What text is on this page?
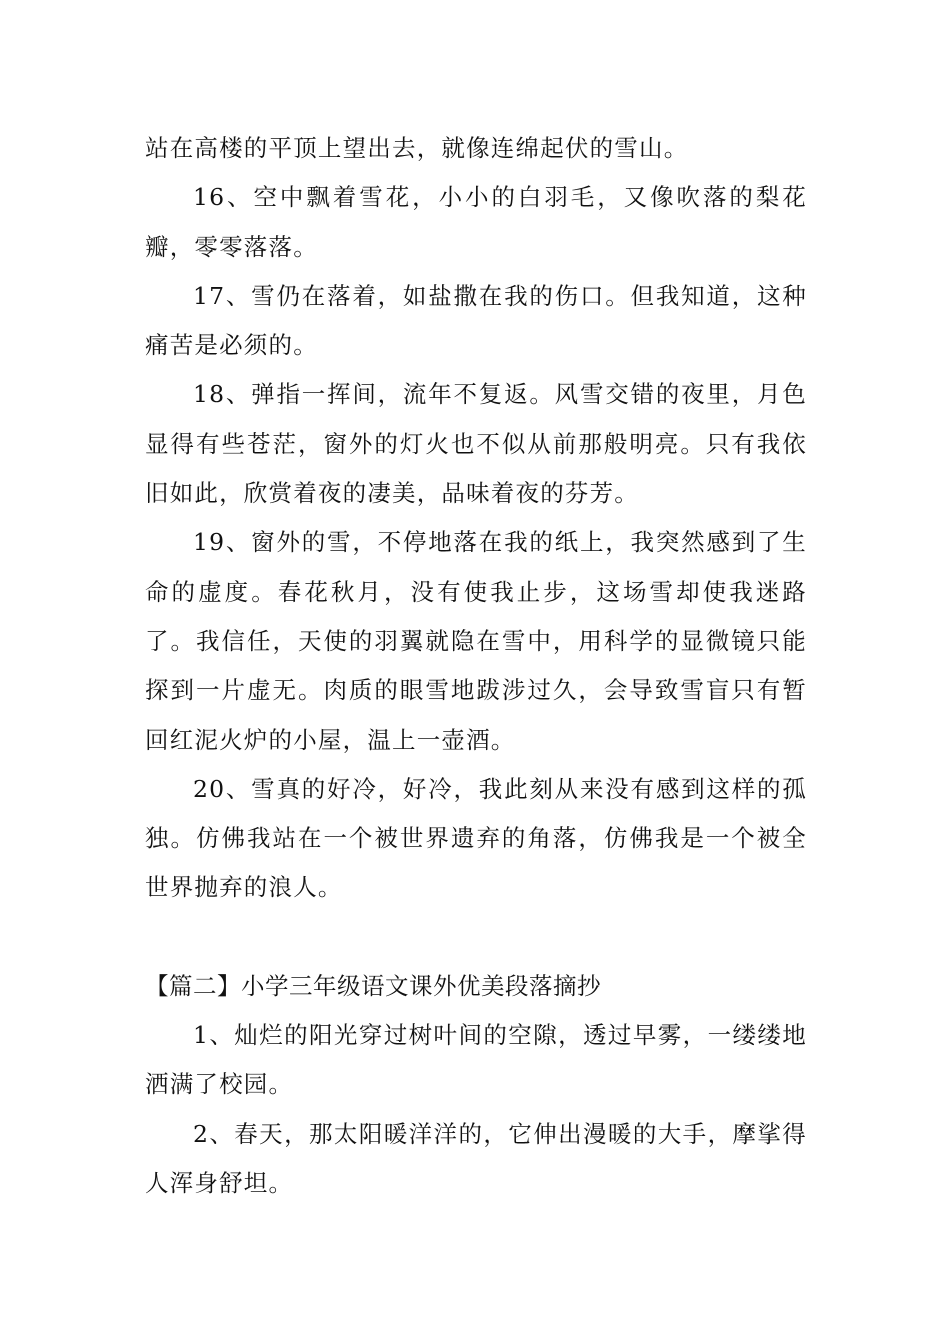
站在高楼的平顶上望出去，就像连绵起伏的雪山。

16、空中飘着雪花，小小的白羽毛，又像吹落的梨花瓣，零零落落。

17、雪仍在落着，如盐撒在我的伤口。但我知道，这种痛苦是必须的。

18、弹指一挥间，流年不复返。风雪交错的夜里，月色显得有些苍茫，窗外的灯火也不似从前那般明亮。只有我依旧如此，欣赏着夜的凄美，品味着夜的芬芳。

19、窗外的雪，不停地落在我的纸上，我突然感到了生命的虚度。春花秋月，没有使我止步，这场雪却使我迷路了。我信任，天使的羽翼就隐在雪中，用科学的显微镜只能探到一片虚无。肉质的眼雪地跋涉过久，会导致雪盲只有暂回红泥火炉的小屋，温上一壶酒。

20、雪真的好冷，好冷，我此刻从来没有感到这样的孤独。仿佛我站在一个被世界遗弃的角落，仿佛我是一个被全世界抛弃的浪人。

【篇二】小学三年级语文课外优美段落摘抄

1、灿烂的阳光穿过树叶间的空隙，透过早雾，一缕缕地洒满了校园。

2、春天，那太阳暖洋洋的，它伸出漫暖的大手，摩挲得人浑身舒坦。
